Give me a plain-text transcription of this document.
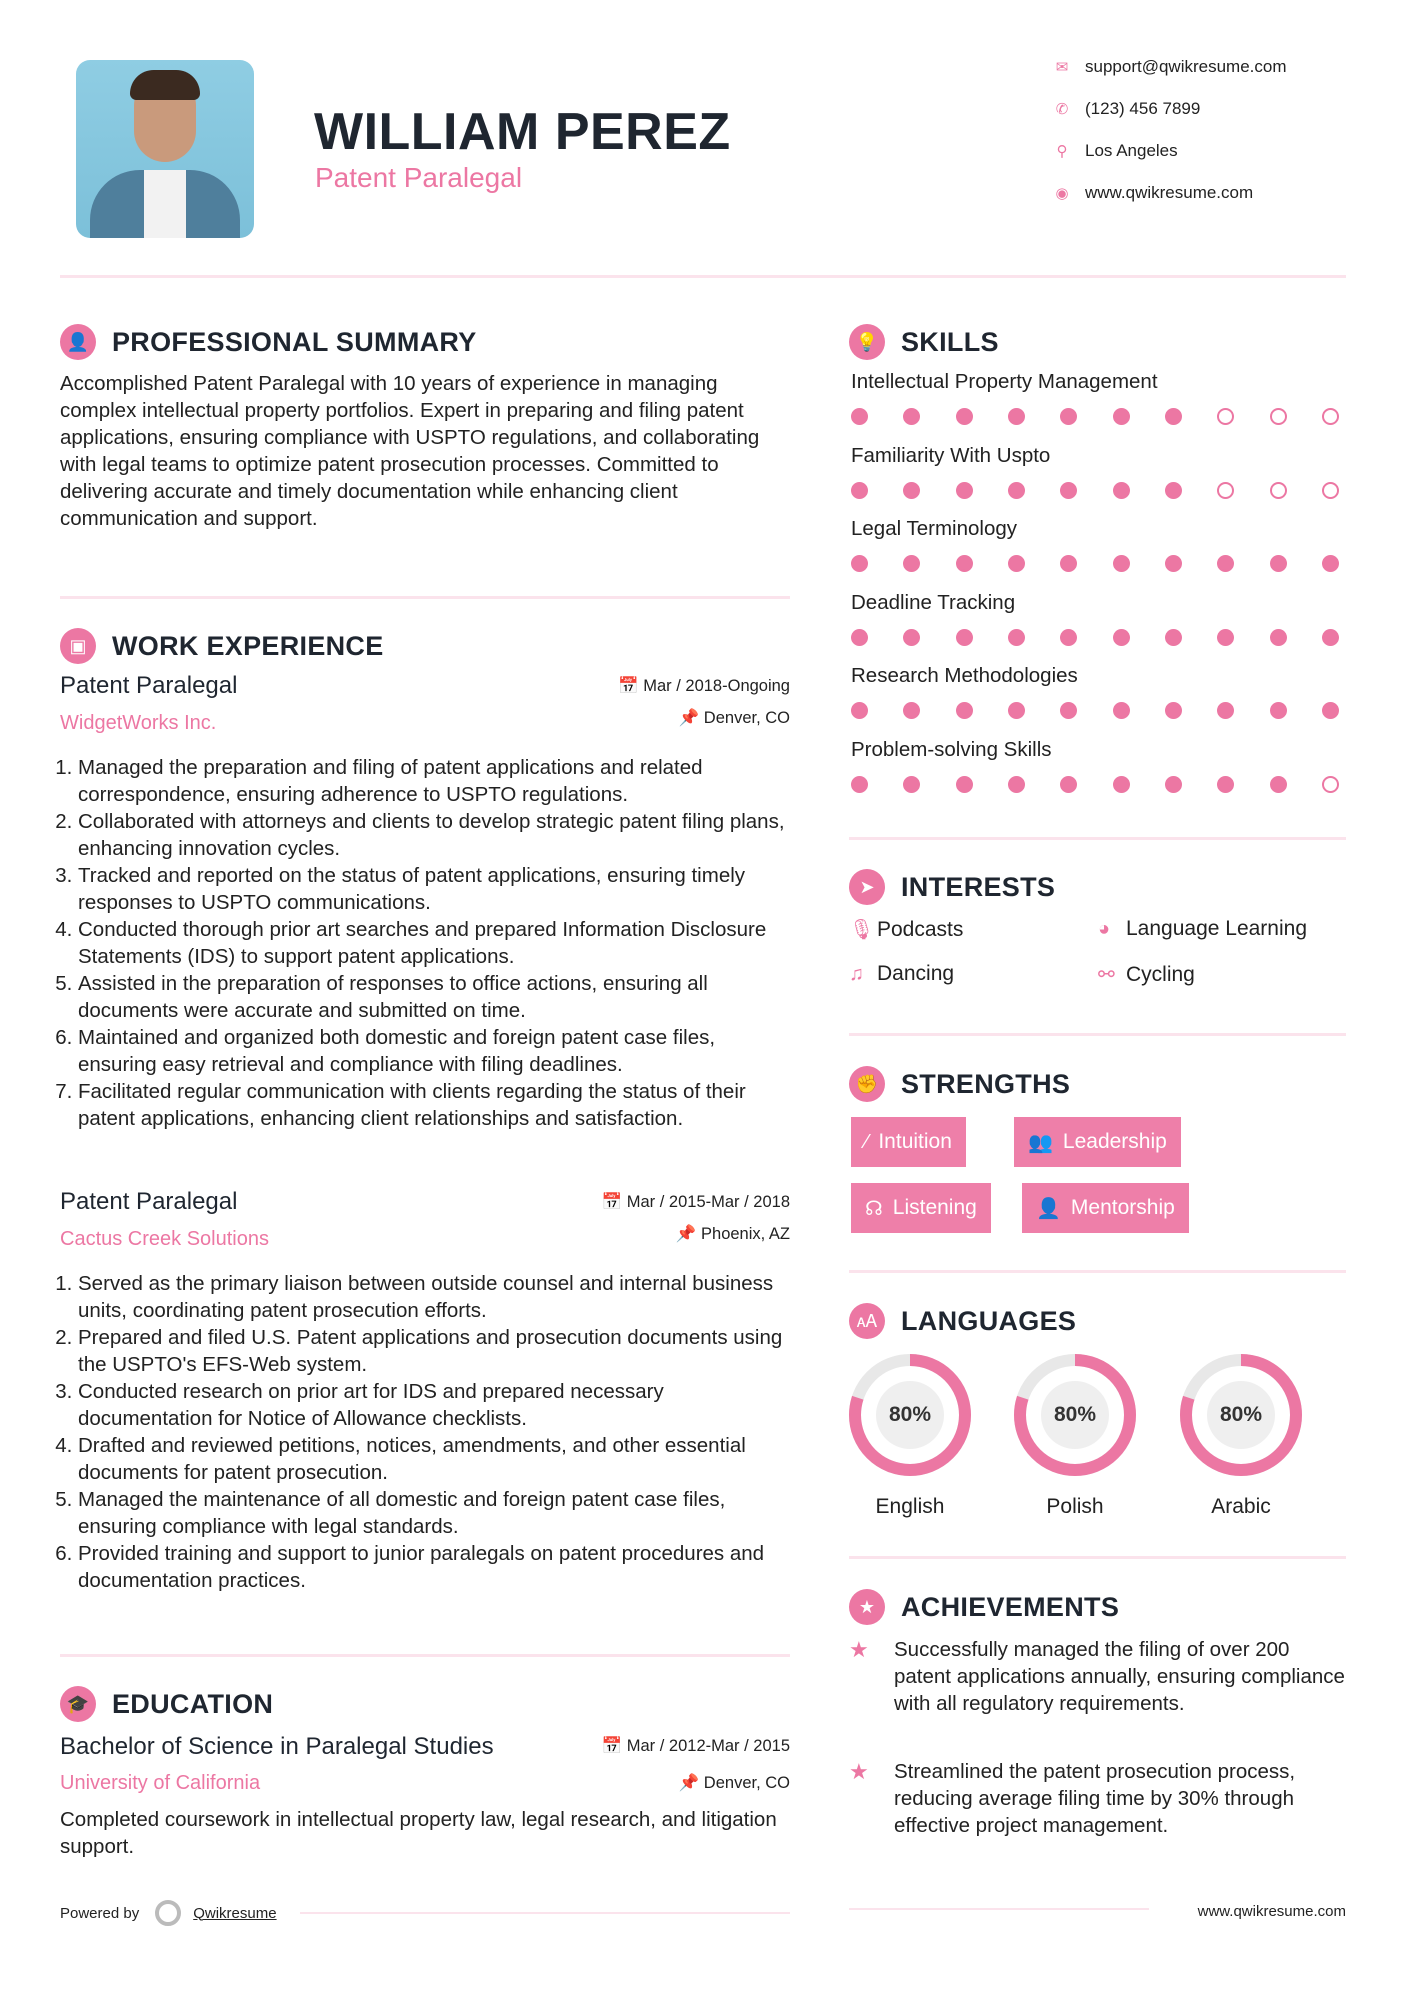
WILLIAM PEREZ
Patent Paralegal
👤 PROFESSIONAL SUMMARY
Accomplished Patent Paralegal with 10 years of experience in managing complex intellectual property portfolios. Expert in preparing and filing patent applications, ensuring compliance with USPTO regulations, and collaborating with legal teams to optimize patent prosecution processes. Committed to delivering accurate and timely documentation while enhancing client communication and support.
▣ WORK EXPERIENCE
🎓 EDUCATION
Bachelor of Science in Paralegal Studies
University of California
📅 Mar / 2012-Mar / 2015
📌 Denver, CO
Completed coursework in intellectual property law, legal research, and litigation support.
Powered by	Qwikresume
💡 SKILLS
➤ INTERESTS
✊ STRENGTHS
🗚 LANGUAGES
★ ACHIEVEMENTS
www.qwikresume.com
✉ support@qwikresume.com
✆ (123) 456 7899
⚲ Los Angeles
◉ www.qwikresume.com
Patent Paralegal
WidgetWorks Inc.
📅 Mar / 2018-Ongoing
📌 Denver, CO
1. Managed the preparation and filing of patent applications and related correspondence, ensuring adherence to USPTO regulations.
2. Collaborated with attorneys and clients to develop strategic patent filing plans, enhancing innovation cycles.
3. Tracked and reported on the status of patent applications, ensuring timely responses to USPTO communications.
4. Conducted thorough prior art searches and prepared Information Disclosure Statements (IDS) to support patent applications.
5. Assisted in the preparation of responses to office actions, ensuring all documents were accurate and submitted on time.
6. Maintained and organized both domestic and foreign patent case files, ensuring easy retrieval and compliance with filing deadlines.
7. Facilitated regular communication with clients regarding the status of their patent applications, enhancing client relationships and satisfaction.
Patent Paralegal
Cactus Creek Solutions
📅 Mar / 2015-Mar / 2018
📌 Phoenix, AZ
1. Served as the primary liaison between outside counsel and internal business units, coordinating patent prosecution efforts.
2. Prepared and filed U.S. Patent applications and prosecution documents using the USPTO's EFS-Web system.
3. Conducted research on prior art for IDS and prepared necessary documentation for Notice of Allowance checklists.
4. Drafted and reviewed petitions, notices, amendments, and other essential documents for patent prosecution.
5. Managed the maintenance of all domestic and foreign patent case files, ensuring compliance with legal standards.
6. Provided training and support to junior paralegals on patent procedures and documentation practices.
Intellectual Property Management
Familiarity With Uspto
Legal Terminology
Deadline Tracking
Research Methodologies
Problem-solving Skills
🎙 Podcasts	◕ Language Learning
♫ Dancing	⚯ Cycling
⁄ Intuition	👥 Leadership
☊ Listening	👤 Mentorship
80%
English
80%
Polish
80%
Arabic
★	Successfully managed the filing of over 200 patent applications annually, ensuring compliance with all regulatory requirements.
★	Streamlined the patent prosecution process, reducing average filing time by 30% through effective project management.
